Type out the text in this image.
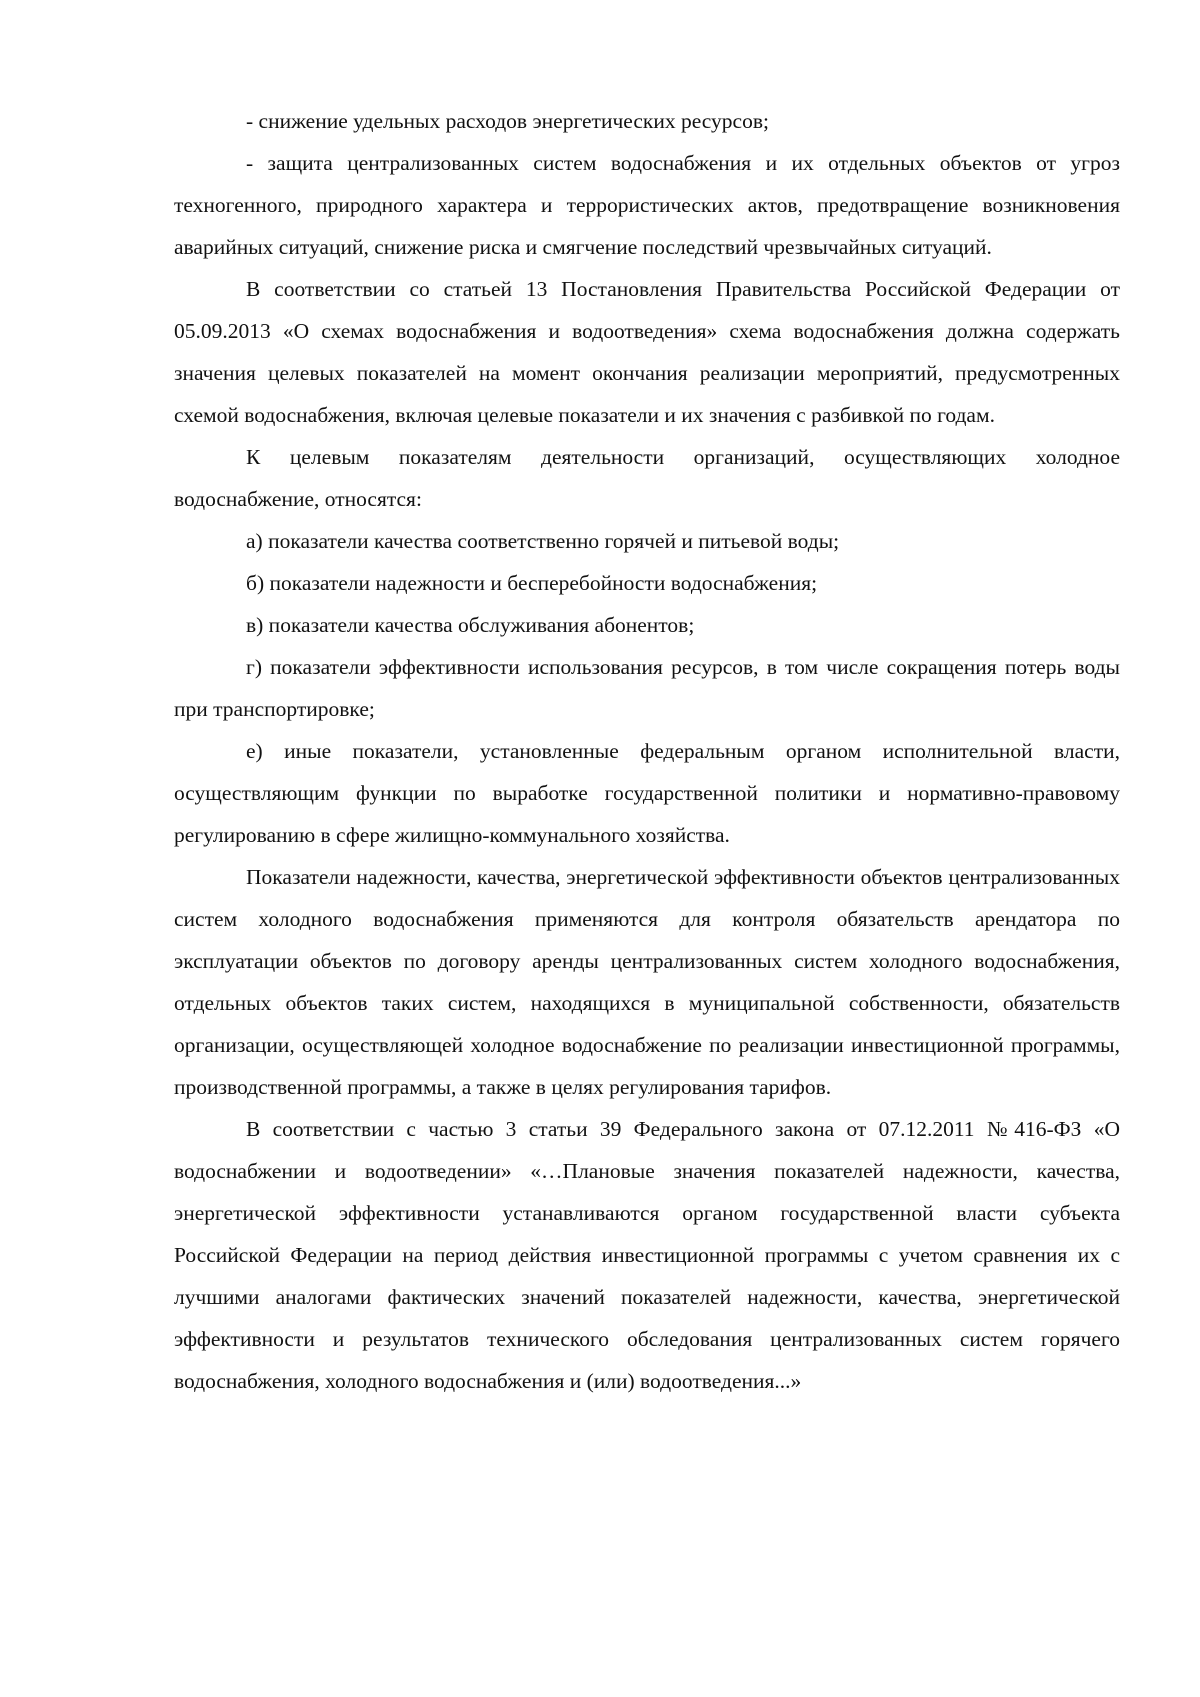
- снижение удельных расходов энергетических ресурсов;

- защита централизованных систем водоснабжения и их отдельных объектов от угроз техногенного, природного характера и террористических актов, предотвращение возникновения аварийных ситуаций, снижение риска и смягчение последствий чрезвычайных ситуаций.

В соответствии со статьей 13 Постановления Правительства Российской Федерации от 05.09.2013 «О схемах водоснабжения и водоотведения» схема водоснабжения должна содержать значения целевых показателей на момент окончания реализации мероприятий, предусмотренных схемой водоснабжения, включая целевые показатели и их значения с разбивкой по годам.

К целевым показателям деятельности организаций, осуществляющих холодное водоснабжение, относятся:

а) показатели качества соответственно горячей и питьевой воды;

б) показатели надежности и бесперебойности водоснабжения;

в) показатели качества обслуживания абонентов;

г) показатели эффективности использования ресурсов, в том числе сокращения потерь воды при транспортировке;

е) иные показатели, установленные федеральным органом исполнительной власти, осуществляющим функции по выработке государственной политики и нормативно-правовому регулированию в сфере жилищно-коммунального хозяйства.

Показатели надежности, качества, энергетической эффективности объектов централизованных систем холодного водоснабжения применяются для контроля обязательств арендатора по эксплуатации объектов по договору аренды централизованных систем холодного водоснабжения, отдельных объектов таких систем, находящихся в муниципальной собственности, обязательств организации, осуществляющей холодное водоснабжение по реализации инвестиционной программы, производственной программы, а также в целях регулирования тарифов.

В соответствии с частью 3 статьи 39 Федерального закона от 07.12.2011 №416-ФЗ «О водоснабжении и водоотведении» «…Плановые значения показателей надежности, качества, энергетической эффективности устанавливаются органом государственной власти субъекта Российской Федерации на период действия инвестиционной программы с учетом сравнения их с лучшими аналогами фактических значений показателей надежности, качества, энергетической эффективности и результатов технического обследования централизованных систем горячего водоснабжения, холодного водоснабжения и (или) водоотведения...»
